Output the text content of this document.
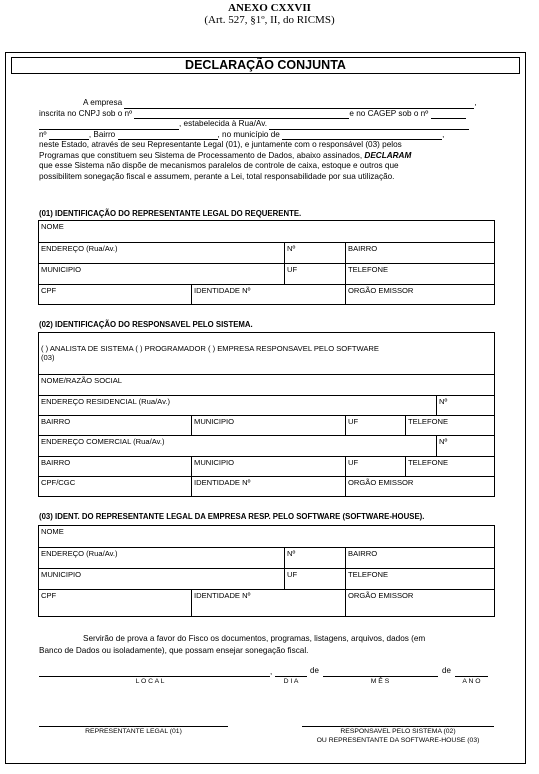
ANEXO CXXVII
(Art. 527, §1º, II, do RICMS)
DECLARAÇÃO CONJUNTA

A empresa	,

inscrita no CNPJ sob o nº	e no CAGEP sob o nº

, estabelecida à Rua/Av.

nº	, Bairro	, no município de	,

neste Estado, através de seu Representante Legal (01), e juntamente com o responsável (03) pelos

Programas que constituem seu Sistema de Processamento de Dados, abaixo assinados, DECLARAM

que esse Sistema não dispõe de mecanismos paralelos de controle de caixa, estoque e outros que

possibilitem sonegação fiscal e assumem, perante a Lei, total responsabilidade por sua utilização.

(01) IDENTIFICAÇÃO DO REPRESENTANTE LEGAL DO REQUERENTE.
NOME
ENDEREÇO (Rua/Av.)	Nº	BAIRRO
MUNICIPIO	UF	TELEFONE
CPF	IDENTIDADE Nº	ORGÃO EMISSOR
(02) IDENTIFICAÇÃO DO RESPONSAVEL PELO SISTEMA.
( ) ANALISTA DE SISTEMA ( ) PROGRAMADOR ( ) EMPRESA RESPONSAVEL PELO SOFTWARE
(03)
NOME/RAZÃO SOCIAL
ENDEREÇO RESIDENCIAL (Rua/Av.)	Nº
BAIRRO	MUNICIPIO	UF	TELEFONE
ENDEREÇO COMERCIAL (Rua/Av.)	Nº
BAIRRO	MUNICIPIO	UF	TELEFONE
CPF/CGC	IDENTIDADE Nº	ORGÃO EMISSOR
(03) IDENT. DO REPRESENTANTE LEGAL DA EMPRESA RESP. PELO SOFTWARE (SOFTWARE-HOUSE).
NOME
ENDEREÇO (Rua/Av.)	Nº	BAIRRO
MUNICIPIO	UF	TELEFONE
CPF	IDENTIDADE Nº	ORGÃO EMISSOR

Servirão de prova a favor do Fisco os documentos, programas, listagens, arquivos, dados (em

Banco de Dados ou isoladamente), que possam ensejar sonegação fiscal.

,	de	de
L O C A L	D I A	M Ê S	A N O
REPRESENTANTE LEGAL (01)	RESPONSAVEL PELO SISTEMA (02)
OU REPRESENTANTE DA SOFTWARE-HOUSE (03)
